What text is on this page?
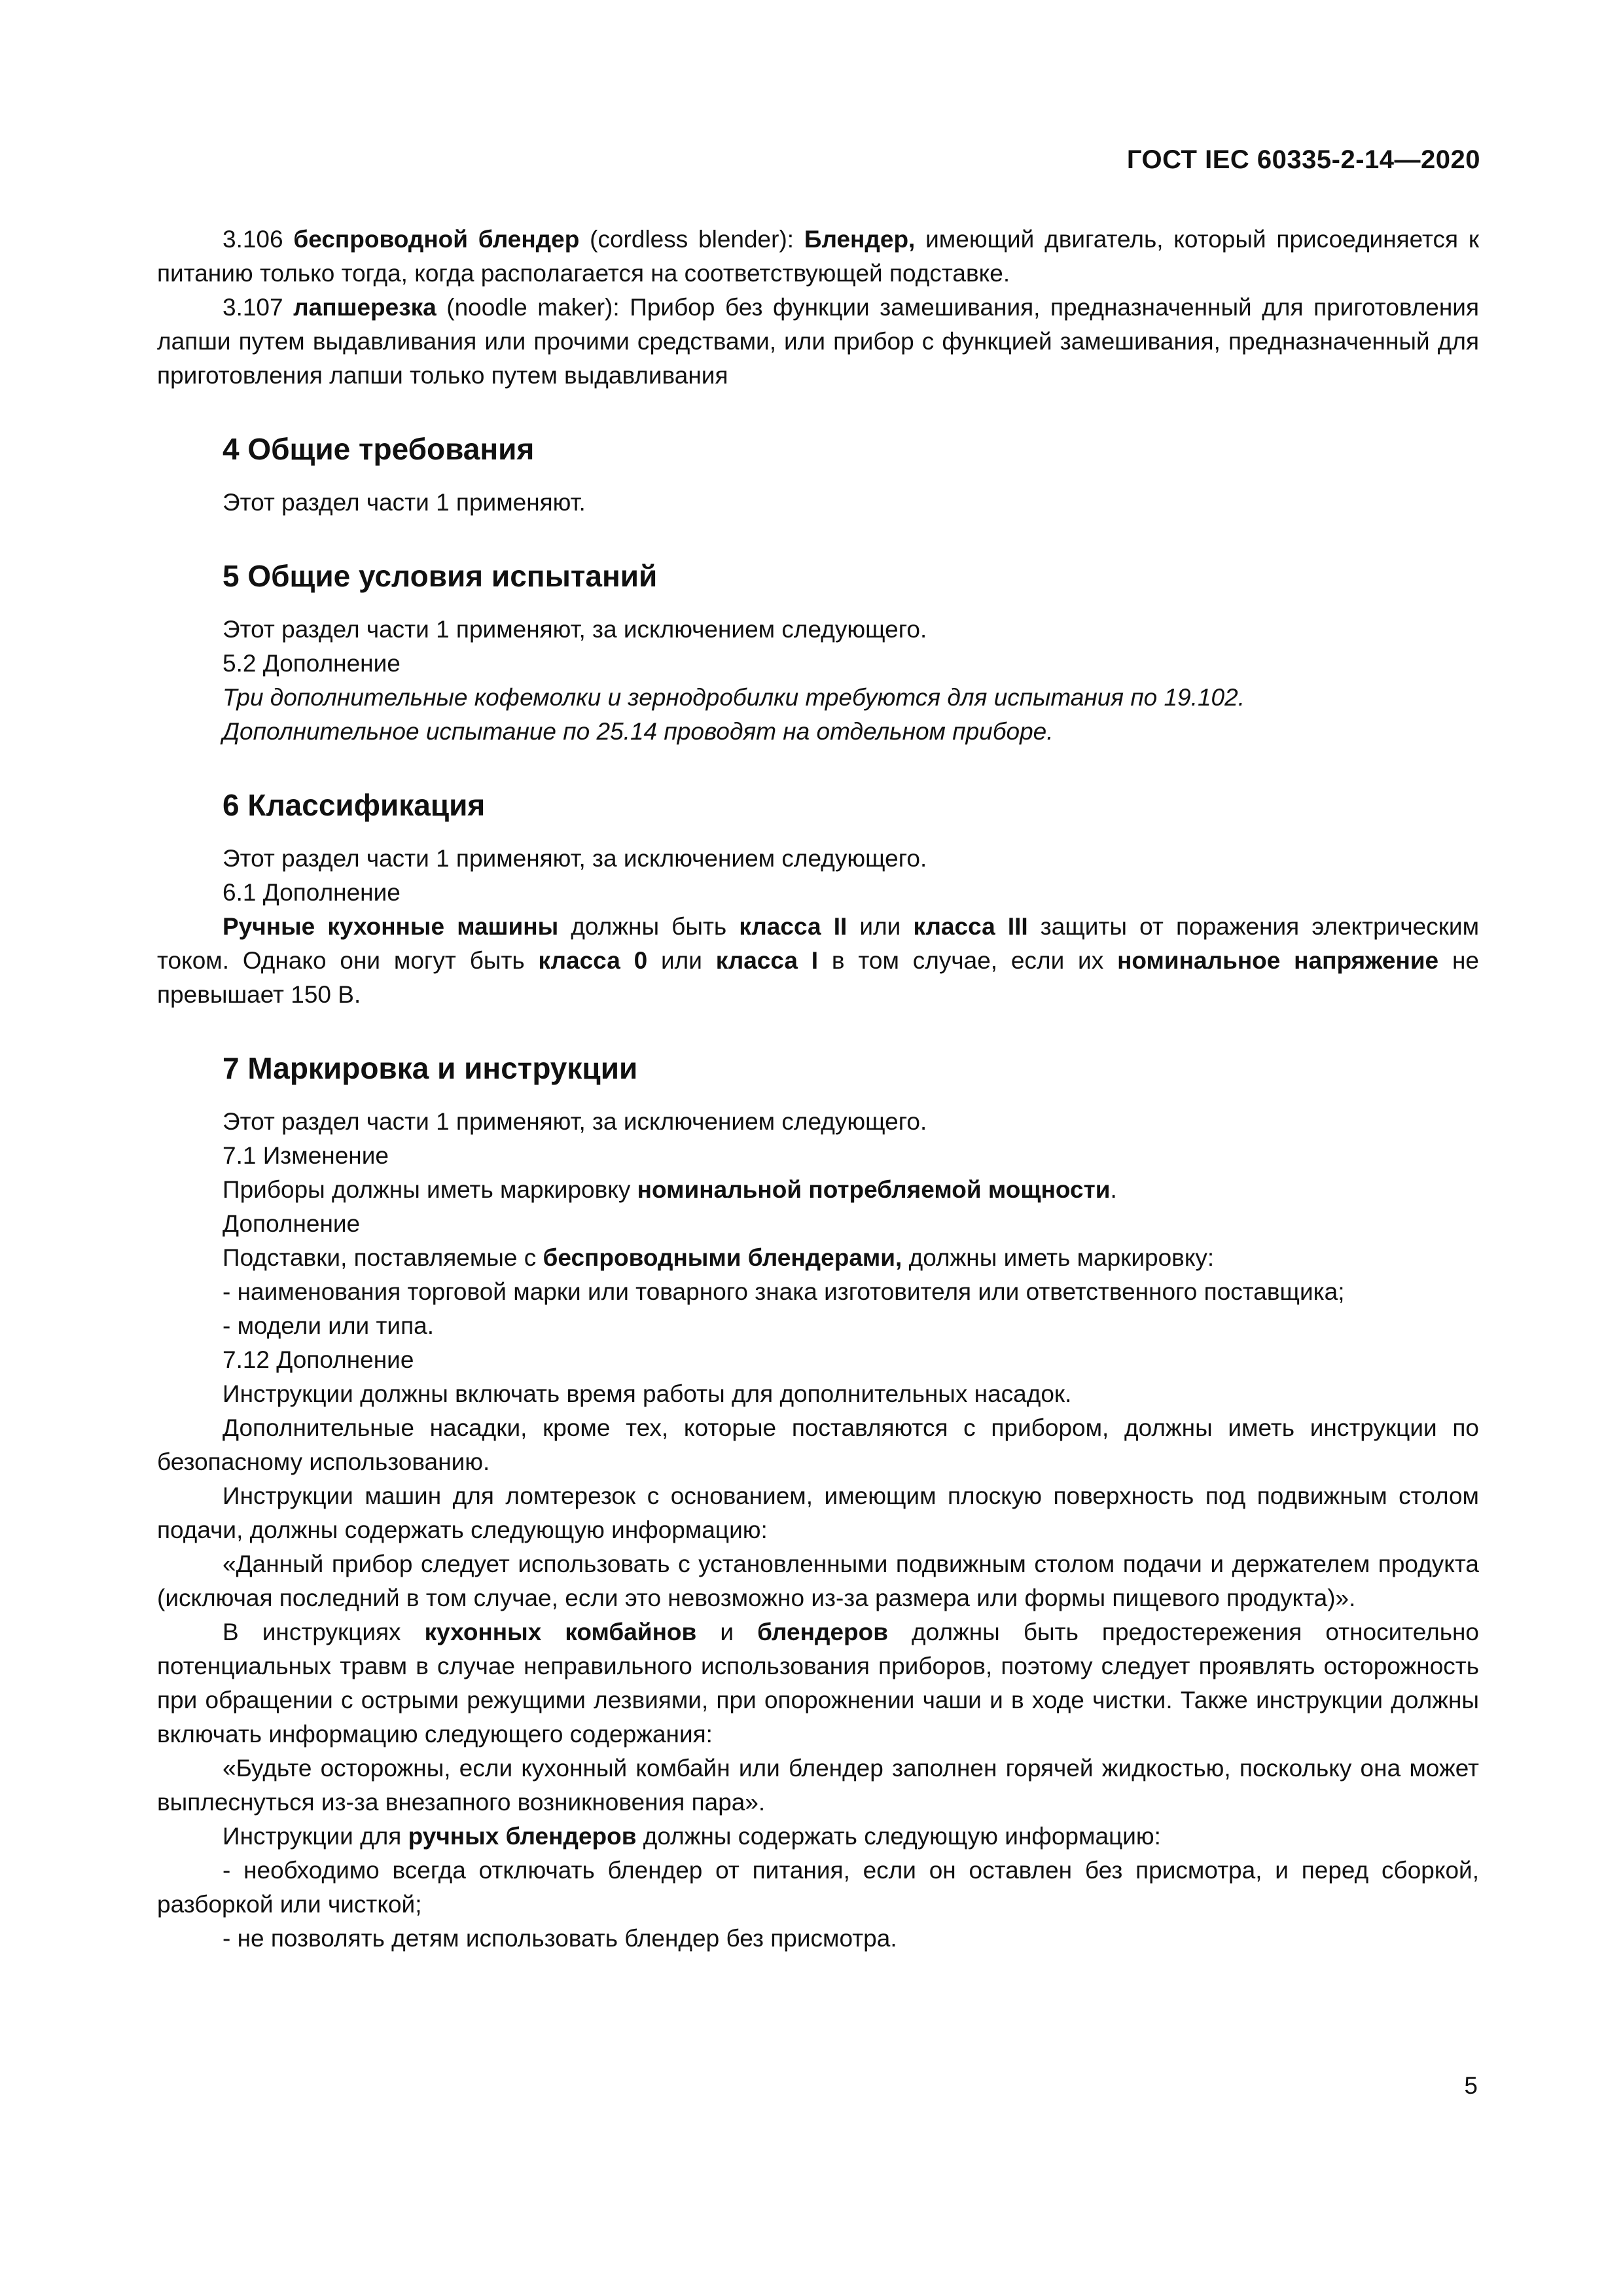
ГОСТ IEC 60335-2-14—2020

3.106 беспроводной блендер (cordless blender): Блендер, имеющий двигатель, который присоединяется к питанию только тогда, когда располагается на соответствующей подставке.

3.107 лапшерезка (noodle maker): Прибор без функции замешивания, предназначенный для приготовления лапши путем выдавливания или прочими средствами, или прибор с функцией замешивания, предназначенный для приготовления лапши только путем выдавливания

4 Общие требования

Этот раздел части 1 применяют.

5 Общие условия испытаний

Этот раздел части 1 применяют, за исключением следующего.

5.2 Дополнение

Три дополнительные кофемолки и зернодробилки требуются для испытания по 19.102.

Дополнительное испытание по 25.14 проводят на отдельном приборе.

6 Классификация

Этот раздел части 1 применяют, за исключением следующего.

6.1 Дополнение

Ручные кухонные машины должны быть класса II или класса III защиты от поражения электрическим током. Однако они могут быть класса 0 или класса I в том случае, если их номинальное напряжение не превышает 150 В.

7 Маркировка и инструкции

Этот раздел части 1 применяют, за исключением следующего.

7.1 Изменение

Приборы должны иметь маркировку номинальной потребляемой мощности.

Дополнение

Подставки, поставляемые с беспроводными блендерами, должны иметь маркировку:

- наименования торговой марки или товарного знака изготовителя или ответственного поставщика;

- модели или типа.

7.12 Дополнение

Инструкции должны включать время работы для дополнительных насадок.

Дополнительные насадки, кроме тех, которые поставляются с прибором, должны иметь инструкции по безопасному использованию.

Инструкции машин для ломтерезок с основанием, имеющим плоскую поверхность под подвижным столом подачи, должны содержать следующую информацию:

«Данный прибор следует использовать с установленными подвижным столом подачи и держателем продукта (исключая последний в том случае, если это невозможно из-за размера или формы пищевого продукта)».

В инструкциях кухонных комбайнов и блендеров должны быть предостережения относительно потенциальных травм в случае неправильного использования приборов, поэтому следует проявлять осторожность при обращении с острыми режущими лезвиями, при опорожнении чаши и в ходе чистки. Также инструкции должны включать информацию следующего содержания:

«Будьте осторожны, если кухонный комбайн или блендер заполнен горячей жидкостью, поскольку она может выплеснуться из-за внезапного возникновения пара».

Инструкции для ручных блендеров должны содержать следующую информацию:

- необходимо всегда отключать блендер от питания, если он оставлен без присмотра, и перед сборкой, разборкой или чисткой;

- не позволять детям использовать блендер без присмотра.

5
